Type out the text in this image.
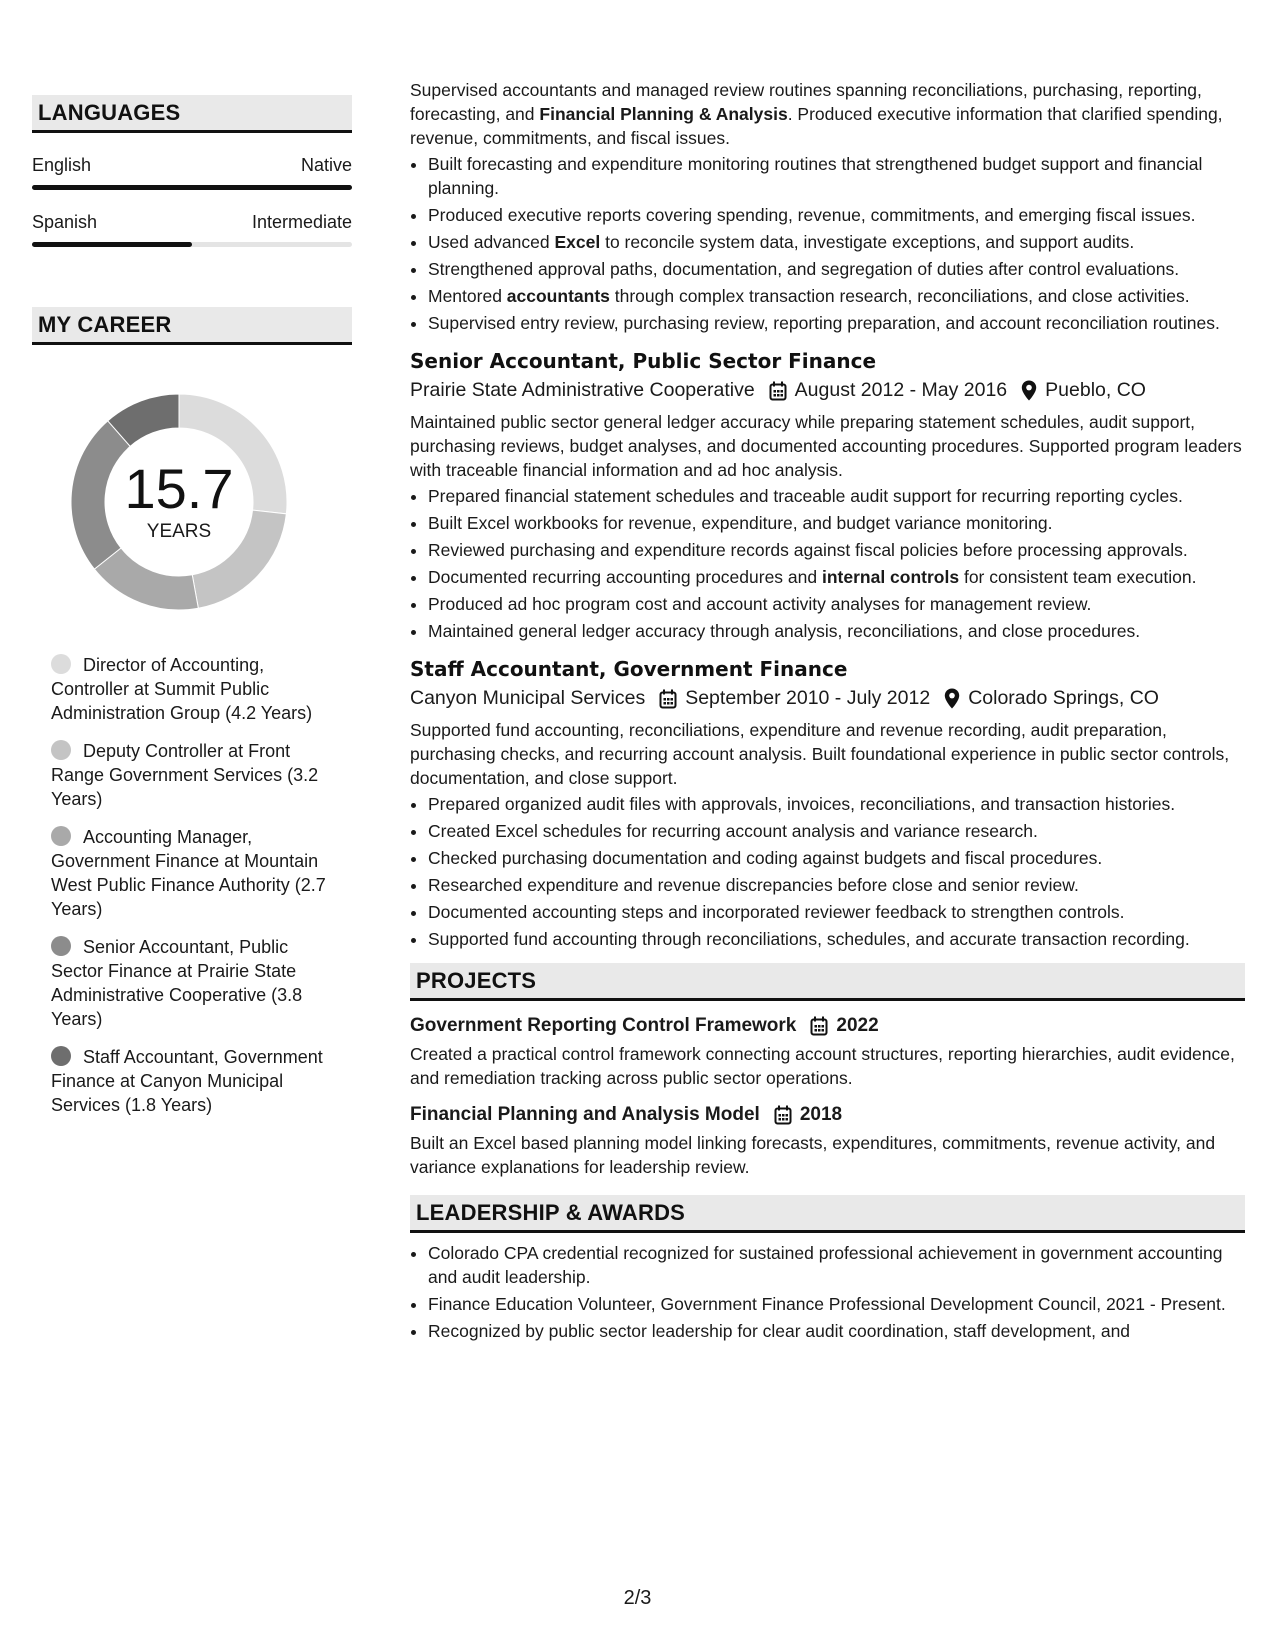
LANGUAGES
English	Native
Spanish	Intermediate
MY CAREER
15.7
YEARS
Director of Accounting, Controller at Summit Public Administration Group (4.2 Years)
Deputy Controller at Front Range Government Services (3.2 Years)
Accounting Manager, Government Finance at Mountain West Public Finance Authority (2.7 Years)
Senior Accountant, Public Sector Finance at Prairie State Administrative Cooperative (3.8 Years)
Staff Accountant, Government Finance at Canyon Municipal Services (1.8 Years)

Supervised accountants and managed review routines spanning reconciliations, purchasing, reporting, forecasting, and Financial Planning & Analysis. Produced executive information that clarified spending, revenue, commitments, and fiscal issues.

• Built forecasting and expenditure monitoring routines that strengthened budget support and financial planning.
• Produced executive reports covering spending, revenue, commitments, and emerging fiscal issues.
• Used advanced Excel to reconcile system data, investigate exceptions, and support audits.
• Strengthened approval paths, documentation, and segregation of duties after control evaluations.
• Mentored accountants through complex transaction research, reconciliations, and close activities.
• Supervised entry review, purchasing review, reporting preparation, and account reconciliation routines.
Senior Accountant, Public Sector Finance
Prairie State Administrative Cooperative August 2012 - May 2016 Pueblo, CO

Maintained public sector general ledger accuracy while preparing statement schedules, audit support, purchasing reviews, budget analyses, and documented accounting procedures. Supported program leaders with traceable financial information and ad hoc analysis.

• Prepared financial statement schedules and traceable audit support for recurring reporting cycles.
• Built Excel workbooks for revenue, expenditure, and budget variance monitoring.
• Reviewed purchasing and expenditure records against fiscal policies before processing approvals.
• Documented recurring accounting procedures and internal controls for consistent team execution.
• Produced ad hoc program cost and account activity analyses for management review.
• Maintained general ledger accuracy through analysis, reconciliations, and close procedures.
Staff Accountant, Government Finance
Canyon Municipal Services September 2010 - July 2012 Colorado Springs, CO

Supported fund accounting, reconciliations, expenditure and revenue recording, audit preparation, purchasing checks, and recurring account analysis. Built foundational experience in public sector controls, documentation, and close support.

• Prepared organized audit files with approvals, invoices, reconciliations, and transaction histories.
• Created Excel schedules for recurring account analysis and variance research.
• Checked purchasing documentation and coding against budgets and fiscal procedures.
• Researched expenditure and revenue discrepancies before close and senior review.
• Documented accounting steps and incorporated reviewer feedback to strengthen controls.
• Supported fund accounting through reconciliations, schedules, and accurate transaction recording.
PROJECTS
Government Reporting Control Framework 2022
Created a practical control framework connecting account structures, reporting hierarchies, audit evidence, and remediation tracking across public sector operations.
Financial Planning and Analysis Model 2018
Built an Excel based planning model linking forecasts, expenditures, commitments, revenue activity, and variance explanations for leadership review.
LEADERSHIP & AWARDS
• Colorado CPA credential recognized for sustained professional achievement in government accounting and audit leadership.
• Finance Education Volunteer, Government Finance Professional Development Council, 2021 - Present.
• Recognized by public sector leadership for clear audit coordination, staff development, and
2/3
